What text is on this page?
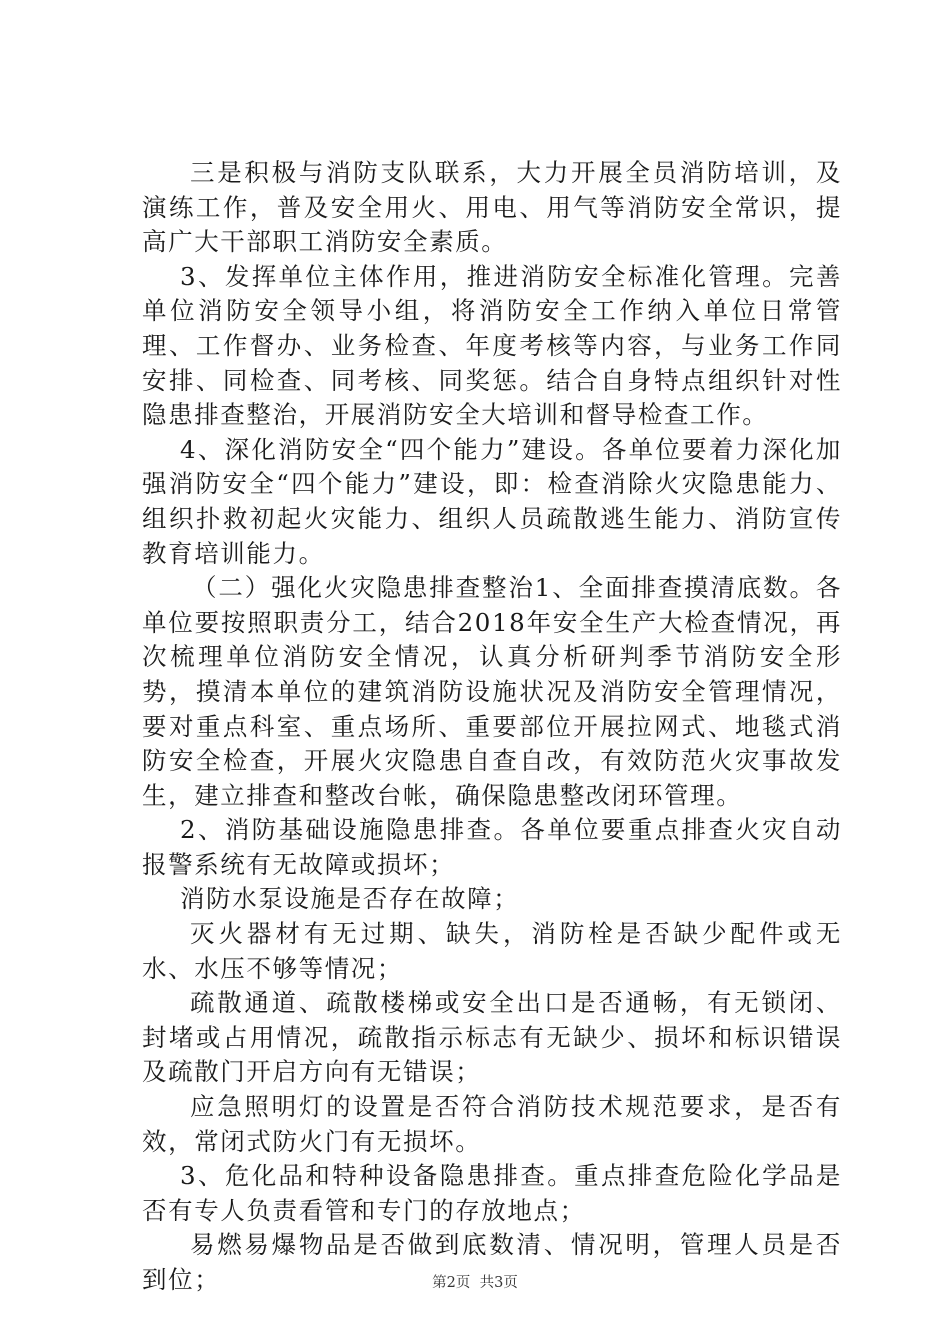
三是积极与消防支队联系，大力开展全员消防培训，及演练工作，普及安全用火、用电、用气等消防安全常识，提高广大干部职工消防安全素质。

3、发挥单位主体作用，推进消防安全标准化管理。完善单位消防安全领导小组，将消防安全工作纳入单位日常管理、工作督办、业务检查、年度考核等内容，与业务工作同安排、同检查、同考核、同奖惩。结合自身特点组织针对性隐患排查整治，开展消防安全大培训和督导检查工作。

4、深化消防安全“四个能力”建设。各单位要着力深化加强消防安全“四个能力”建设，即：检查消除火灾隐患能力、组织扑救初起火灾能力、组织人员疏散逃生能力、消防宣传教育培训能力。

（二）强化火灾隐患排查整治1、全面排查摸清底数。各单位要按照职责分工，结合2018年安全生产大检查情况，再次梳理单位消防安全情况，认真分析研判季节消防安全形势，摸清本单位的建筑消防设施状况及消防安全管理情况，要对重点科室、重点场所、重要部位开展拉网式、地毯式消防安全检查，开展火灾隐患自查自改，有效防范火灾事故发生，建立排查和整改台帐，确保隐患整改闭环管理。

2、消防基础设施隐患排查。各单位要重点排查火灾自动报警系统有无故障或损坏；

消防水泵设施是否存在故障；

灭火器材有无过期、缺失，消防栓是否缺少配件或无水、水压不够等情况；

疏散通道、疏散楼梯或安全出口是否通畅，有无锁闭、封堵或占用情况，疏散指示标志有无缺少、损坏和标识错误及疏散门开启方向有无错误；

应急照明灯的设置是否符合消防技术规范要求，是否有效，常闭式防火门有无损坏。

3、危化品和特种设备隐患排查。重点排查危险化学品是否有专人负责看管和专门的存放地点；

易燃易爆物品是否做到底数清、情况明，管理人员是否到位；	第2页  共3页
